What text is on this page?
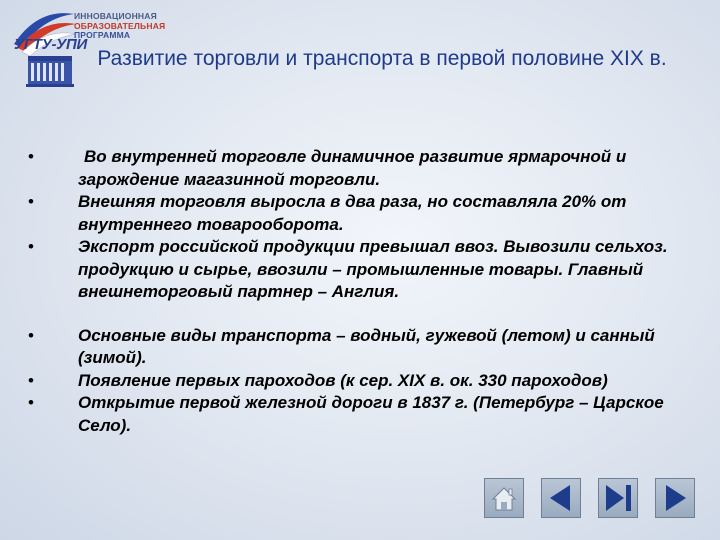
ИННОВАЦИОННАЯ
ОБРАЗОВАТЕЛЬНАЯ
ПРОГРАММА
УГТУ-УПИ
Развитие торговли и транспорта в первой половине XIX в.
•	Во внутренней торговле динамичное развитие ярмарочной и зарождение магазинной торговли.
•	Внешняя торговля выросла в два раза, но составляла 20% от внутреннего товарооборота.
•	Экспорт российской продукции превышал ввоз. Вывозили сельхоз. продукцию и сырье, ввозили – промышленные товары. Главный внешнеторговый партнер – Англия.
•	Основные виды транспорта – водный, гужевой (летом) и санный (зимой).
•	Появление первых пароходов (к сер. XIX в. ок. 330 пароходов)
•	Открытие первой железной дороги в 1837 г. (Петербург – Царское Село).
